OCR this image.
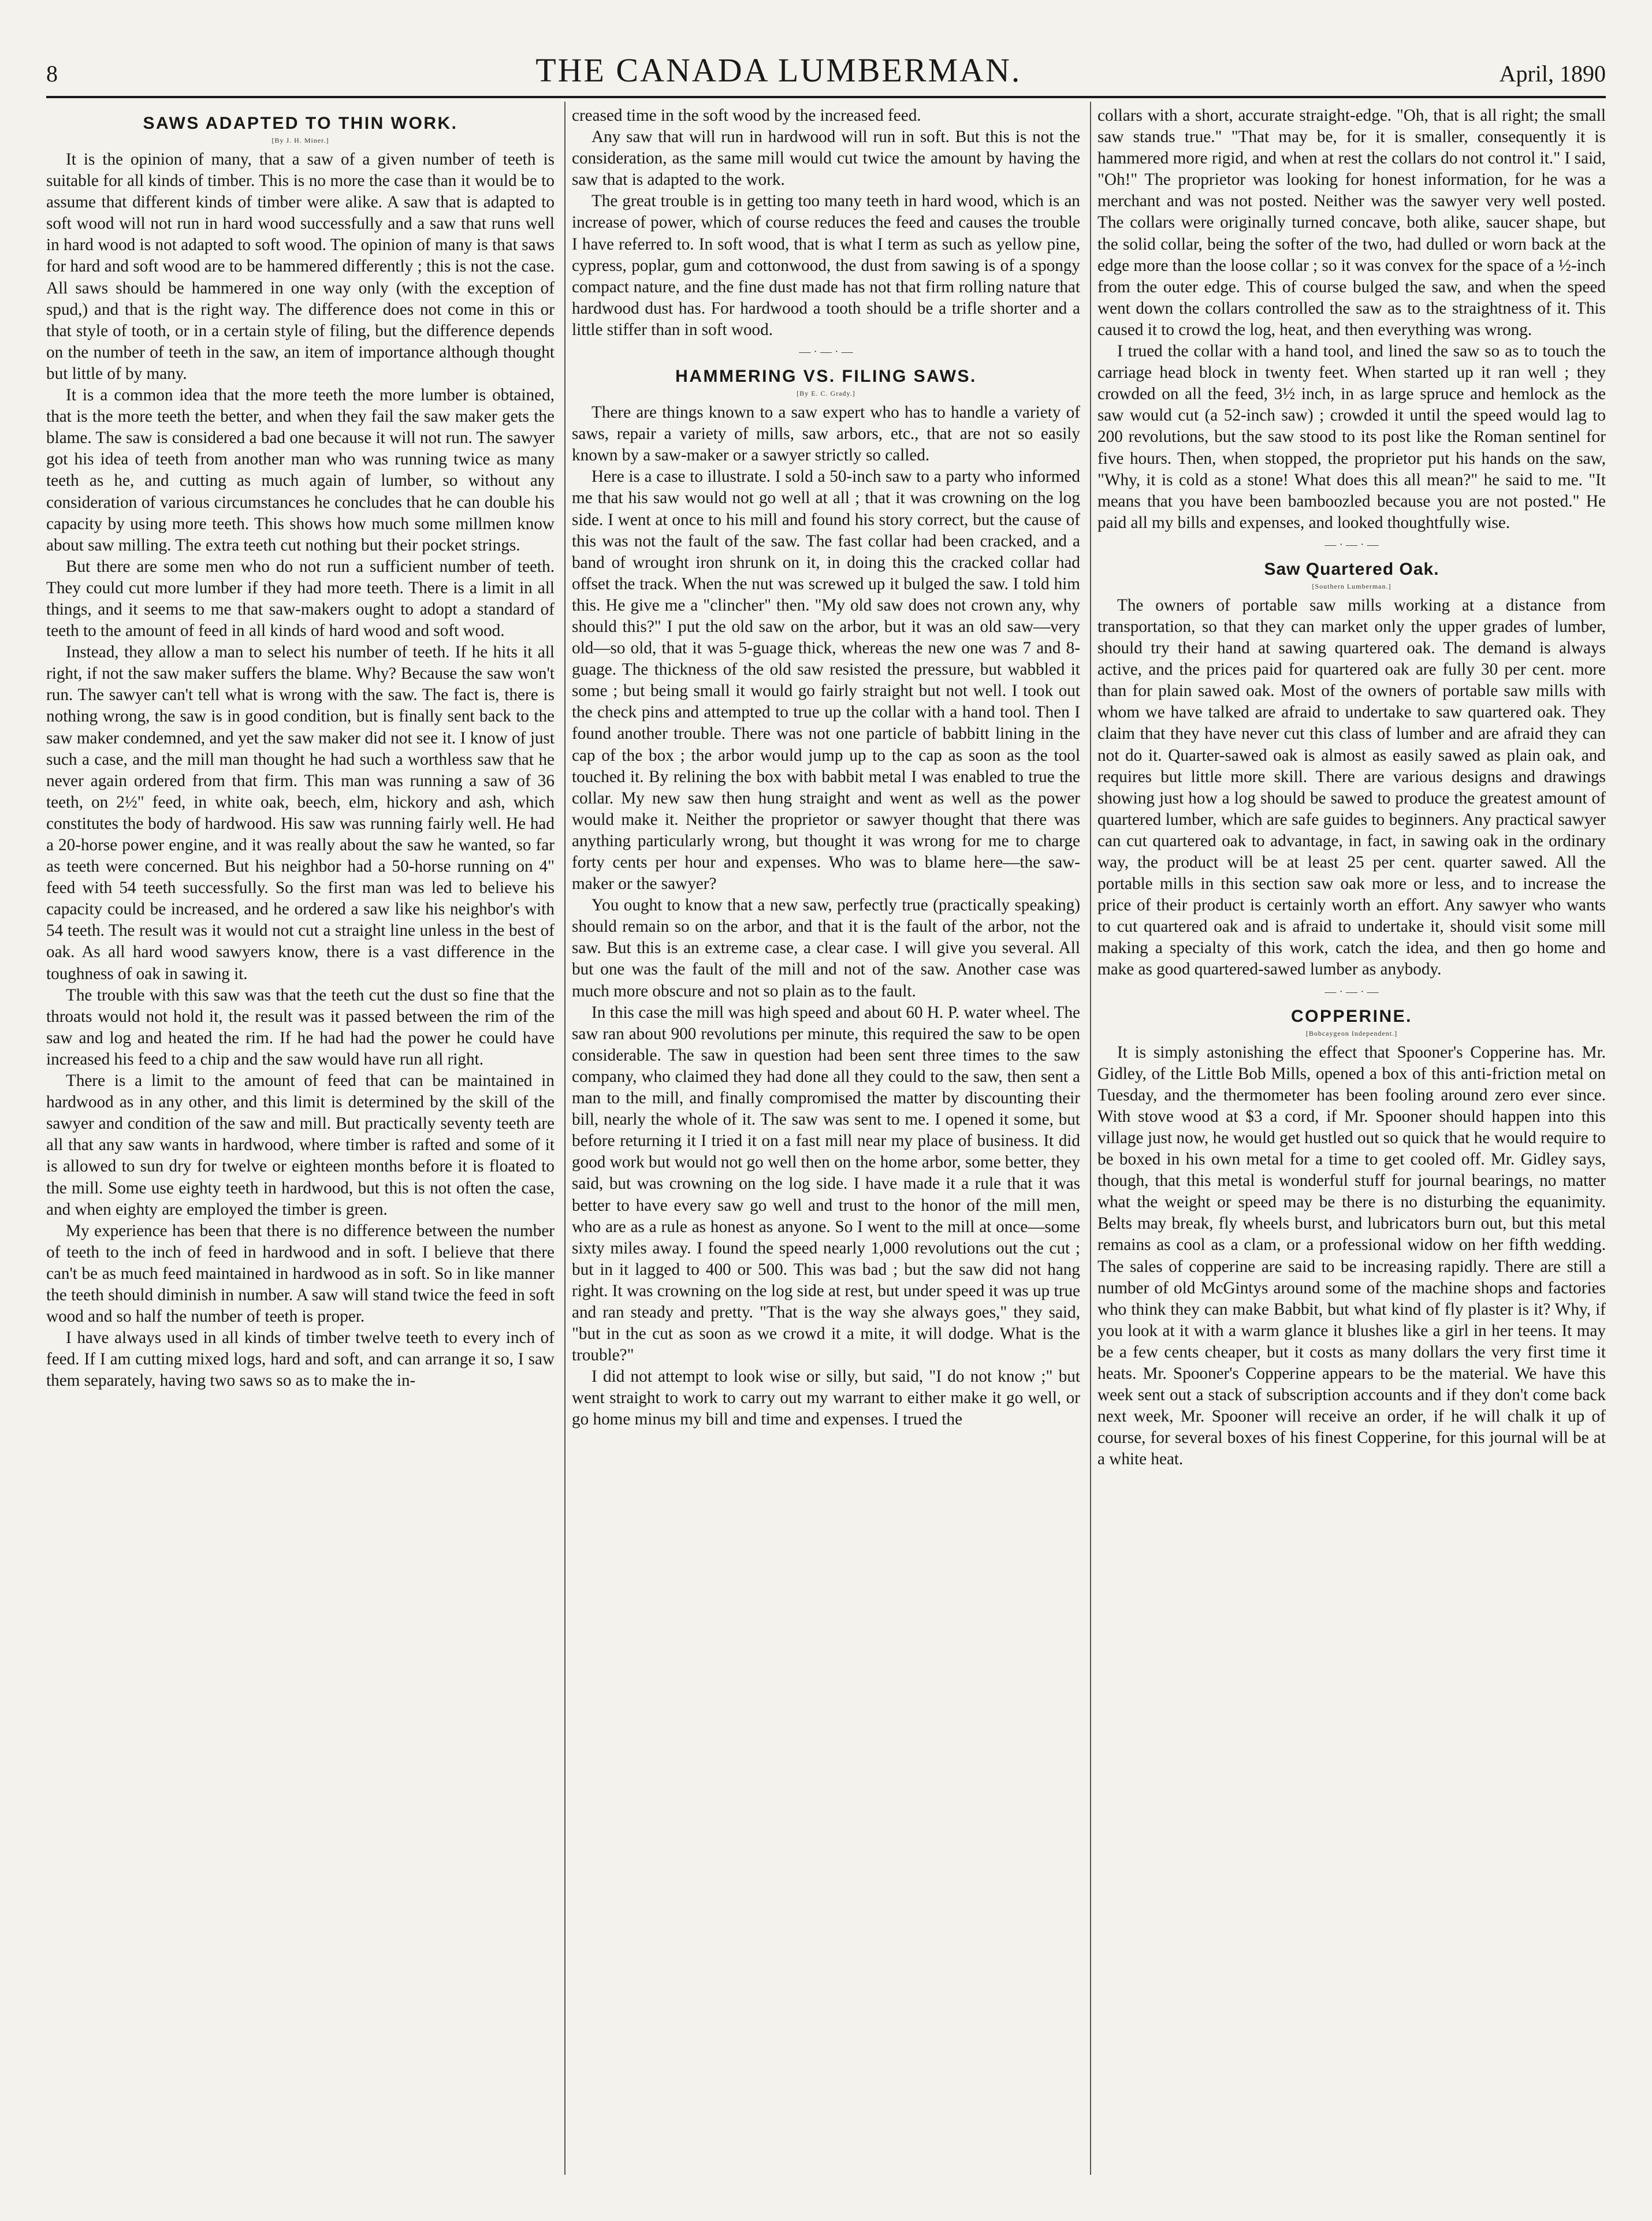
8	THE CANADA LUMBERMAN.	April, 1890
SAWS ADAPTED TO THIN WORK.
[By J. H. Miner.]

It is the opinion of many, that a saw of a given number of teeth is suitable for all kinds of timber. This is no more the case than it would be to assume that different kinds of timber were alike. A saw that is adapted to soft wood will not run in hard wood successfully and a saw that runs well in hard wood is not adapted to soft wood. The opinion of many is that saws for hard and soft wood are to be hammered differently ; this is not the case. All saws should be hammered in one way only (with the exception of spud,) and that is the right way. The difference does not come in this or that style of tooth, or in a certain style of filing, but the difference depends on the number of teeth in the saw, an item of importance although thought but little of by many.

It is a common idea that the more teeth the more lumber is obtained, that is the more teeth the better, and when they fail the saw maker gets the blame. The saw is considered a bad one because it will not run. The sawyer got his idea of teeth from another man who was running twice as many teeth as he, and cutting as much again of lumber, so without any consideration of various circumstances he concludes that he can double his capacity by using more teeth. This shows how much some millmen know about saw milling. The extra teeth cut nothing but their pocket strings.

But there are some men who do not run a sufficient number of teeth. They could cut more lumber if they had more teeth. There is a limit in all things, and it seems to me that saw-makers ought to adopt a standard of teeth to the amount of feed in all kinds of hard wood and soft wood.

Instead, they allow a man to select his number of teeth. If he hits it all right, if not the saw maker suffers the blame. Why? Because the saw won't run. The sawyer can't tell what is wrong with the saw. The fact is, there is nothing wrong, the saw is in good condition, but is finally sent back to the saw maker condemned, and yet the saw maker did not see it. I know of just such a case, and the mill man thought he had such a worthless saw that he never again ordered from that firm. This man was running a saw of 36 teeth, on 2½" feed, in white oak, beech, elm, hickory and ash, which constitutes the body of hardwood. His saw was running fairly well. He had a 20-horse power engine, and it was really about the saw he wanted, so far as teeth were concerned. But his neighbor had a 50-horse running on 4" feed with 54 teeth successfully. So the first man was led to believe his capacity could be increased, and he ordered a saw like his neighbor's with 54 teeth. The result was it would not cut a straight line unless in the best of oak. As all hard wood sawyers know, there is a vast difference in the toughness of oak in sawing it.

The trouble with this saw was that the teeth cut the dust so fine that the throats would not hold it, the result was it passed between the rim of the saw and log and heated the rim. If he had had the power he could have increased his feed to a chip and the saw would have run all right.

There is a limit to the amount of feed that can be maintained in hardwood as in any other, and this limit is determined by the skill of the sawyer and condition of the saw and mill. But practically seventy teeth are all that any saw wants in hardwood, where timber is rafted and some of it is allowed to sun dry for twelve or eighteen months before it is floated to the mill. Some use eighty teeth in hardwood, but this is not often the case, and when eighty are employed the timber is green.

My experience has been that there is no difference between the number of teeth to the inch of feed in hardwood and in soft. I believe that there can't be as much feed maintained in hardwood as in soft. So in like manner the teeth should diminish in number. A saw will stand twice the feed in soft wood and so half the number of teeth is proper.

I have always used in all kinds of timber twelve teeth to every inch of feed. If I am cutting mixed logs, hard and soft, and can arrange it so, I saw them separately, having two saws so as to make the in-

creased time in the soft wood by the increased feed.

Any saw that will run in hardwood will run in soft. But this is not the consideration, as the same mill would cut twice the amount by having the saw that is adapted to the work.

The great trouble is in getting too many teeth in hard wood, which is an increase of power, which of course reduces the feed and causes the trouble I have referred to. In soft wood, that is what I term as such as yellow pine, cypress, poplar, gum and cottonwood, the dust from sawing is of a spongy compact nature, and the fine dust made has not that firm rolling nature that hardwood dust has. For hardwood a tooth should be a trifle shorter and a little stiffer than in soft wood.

— · — · —
HAMMERING VS. FILING SAWS.
[By E. C. Grady.]

There are things known to a saw expert who has to handle a variety of saws, repair a variety of mills, saw arbors, etc., that are not so easily known by a saw-maker or a sawyer strictly so called.

Here is a case to illustrate. I sold a 50-inch saw to a party who informed me that his saw would not go well at all ; that it was crowning on the log side. I went at once to his mill and found his story correct, but the cause of this was not the fault of the saw. The fast collar had been cracked, and a band of wrought iron shrunk on it, in doing this the cracked collar had offset the track. When the nut was screwed up it bulged the saw. I told him this. He give me a "clincher" then. "My old saw does not crown any, why should this?" I put the old saw on the arbor, but it was an old saw—very old—so old, that it was 5-guage thick, whereas the new one was 7 and 8-guage. The thickness of the old saw resisted the pressure, but wabbled it some ; but being small it would go fairly straight but not well. I took out the check pins and attempted to true up the collar with a hand tool. Then I found another trouble. There was not one particle of babbitt lining in the cap of the box ; the arbor would jump up to the cap as soon as the tool touched it. By relining the box with babbit metal I was enabled to true the collar. My new saw then hung straight and went as well as the power would make it. Neither the proprietor or sawyer thought that there was anything particularly wrong, but thought it was wrong for me to charge forty cents per hour and expenses. Who was to blame here—the saw-maker or the sawyer?

You ought to know that a new saw, perfectly true (practically speaking) should remain so on the arbor, and that it is the fault of the arbor, not the saw. But this is an extreme case, a clear case. I will give you several. All but one was the fault of the mill and not of the saw. Another case was much more obscure and not so plain as to the fault.

In this case the mill was high speed and about 60 H. P. water wheel. The saw ran about 900 revolutions per minute, this required the saw to be open considerable. The saw in question had been sent three times to the saw company, who claimed they had done all they could to the saw, then sent a man to the mill, and finally compromised the matter by discounting their bill, nearly the whole of it. The saw was sent to me. I opened it some, but before returning it I tried it on a fast mill near my place of business. It did good work but would not go well then on the home arbor, some better, they said, but was crowning on the log side. I have made it a rule that it was better to have every saw go well and trust to the honor of the mill men, who are as a rule as honest as anyone. So I went to the mill at once—some sixty miles away. I found the speed nearly 1,000 revolutions out the cut ; but in it lagged to 400 or 500. This was bad ; but the saw did not hang right. It was crowning on the log side at rest, but under speed it was up true and ran steady and pretty. "That is the way she always goes," they said, "but in the cut as soon as we crowd it a mite, it will dodge. What is the trouble?"

I did not attempt to look wise or silly, but said, "I do not know ;" but went straight to work to carry out my warrant to either make it go well, or go home minus my bill and time and expenses. I trued the

collars with a short, accurate straight-edge. "Oh, that is all right; the small saw stands true." "That may be, for it is smaller, consequently it is hammered more rigid, and when at rest the collars do not control it." I said, "Oh!" The proprietor was looking for honest information, for he was a merchant and was not posted. Neither was the sawyer very well posted. The collars were originally turned concave, both alike, saucer shape, but the solid collar, being the softer of the two, had dulled or worn back at the edge more than the loose collar ; so it was convex for the space of a ½-inch from the outer edge. This of course bulged the saw, and when the speed went down the collars controlled the saw as to the straightness of it. This caused it to crowd the log, heat, and then everything was wrong.

I trued the collar with a hand tool, and lined the saw so as to touch the carriage head block in twenty feet. When started up it ran well ; they crowded on all the feed, 3½ inch, in as large spruce and hemlock as the saw would cut (a 52-inch saw) ; crowded it until the speed would lag to 200 revolutions, but the saw stood to its post like the Roman sentinel for five hours. Then, when stopped, the proprietor put his hands on the saw, "Why, it is cold as a stone! What does this all mean?" he said to me. "It means that you have been bamboozled because you are not posted." He paid all my bills and expenses, and looked thoughtfully wise.

— · — · —
Saw Quartered Oak.
[Southern Lumberman.]

The owners of portable saw mills working at a distance from transportation, so that they can market only the upper grades of lumber, should try their hand at sawing quartered oak. The demand is always active, and the prices paid for quartered oak are fully 30 per cent. more than for plain sawed oak. Most of the owners of portable saw mills with whom we have talked are afraid to undertake to saw quartered oak. They claim that they have never cut this class of lumber and are afraid they can not do it. Quarter-sawed oak is almost as easily sawed as plain oak, and requires but little more skill. There are various designs and drawings showing just how a log should be sawed to produce the greatest amount of quartered lumber, which are safe guides to beginners. Any practical sawyer can cut quartered oak to advantage, in fact, in sawing oak in the ordinary way, the product will be at least 25 per cent. quarter sawed. All the portable mills in this section saw oak more or less, and to increase the price of their product is certainly worth an effort. Any sawyer who wants to cut quartered oak and is afraid to undertake it, should visit some mill making a specialty of this work, catch the idea, and then go home and make as good quartered-sawed lumber as anybody.

— · — · —
COPPERINE.
[Bobcaygeon Independent.]

It is simply astonishing the effect that Spooner's Copperine has. Mr. Gidley, of the Little Bob Mills, opened a box of this anti-friction metal on Tuesday, and the thermometer has been fooling around zero ever since. With stove wood at $3 a cord, if Mr. Spooner should happen into this village just now, he would get hustled out so quick that he would require to be boxed in his own metal for a time to get cooled off. Mr. Gidley says, though, that this metal is wonderful stuff for journal bearings, no matter what the weight or speed may be there is no disturbing the equanimity. Belts may break, fly wheels burst, and lubricators burn out, but this metal remains as cool as a clam, or a professional widow on her fifth wedding. The sales of copperine are said to be increasing rapidly. There are still a number of old McGintys around some of the machine shops and factories who think they can make Babbit, but what kind of fly plaster is it? Why, if you look at it with a warm glance it blushes like a girl in her teens. It may be a few cents cheaper, but it costs as many dollars the very first time it heats. Mr. Spooner's Copperine appears to be the material. We have this week sent out a stack of subscription accounts and if they don't come back next week, Mr. Spooner will receive an order, if he will chalk it up of course, for several boxes of his finest Copperine, for this journal will be at a white heat.
